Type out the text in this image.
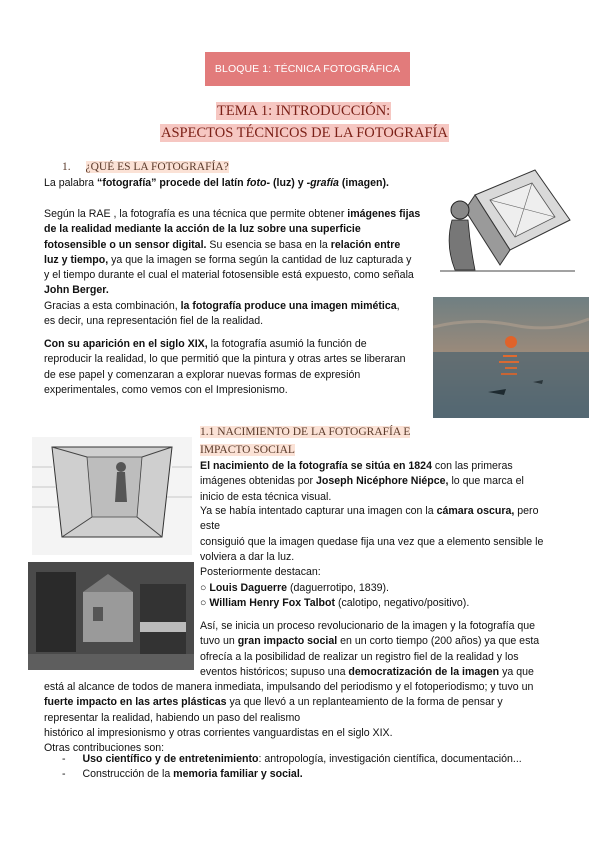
BLOQUE 1: TÉCNICA FOTOGRÁFICA
TEMA 1: INTRODUCCIÓN:
ASPECTOS TÉCNICOS DE LA FOTOGRAFÍA
1. ¿QUÉ ES LA FOTOGRAFÍA?
La palabra “fotografía” procede del latín foto- (luz) y -grafía (imagen).
Según la RAE , la fotografía es una técnica que permite obtener imágenes fijas
de la realidad mediante la acción de la luz sobre una superficie
fotosensible o un sensor digital. Su esencia se basa en la relación entre
luz y tiempo, ya que la imagen se forma según la cantidad de luz capturada y
y el tiempo durante el cual el material fotosensible está expuesto, como señala
John Berger.
Gracias a esta combinación, la fotografía produce una imagen mimética,
es decir, una representación fiel de la realidad.
Con su aparición en el siglo XIX, la fotografía asumió la función de
reproducir la realidad, lo que permitió que la pintura y otras artes se liberaran
de ese papel y comenzaran a explorar nuevas formas de expresión
experimentales, como vemos con el Impresionismo.
1.1 NACIMIENTO DE LA FOTOGRAFÍA E
IMPACTO SOCIAL
El nacimiento de la fotografía se sitúa en 1824 con las primeras
imágenes obtenidas por Joseph Nicéphore Niépce, lo que marca el
inicio de esta técnica visual.
Ya se había intentado capturar una imagen con la cámara oscura, pero
este
consiguió que la imagen quedase fija una vez que a elemento sensible le
volviera a dar la luz.
Posteriormente destacan:
○ Louis Daguerre (daguerrotipo, 1839).
○ William Henry Fox Talbot (calotipo, negativo/positivo).
Así, se inicia un proceso revolucionario de la imagen y la fotografía que
tuvo un gran impacto social en un corto tiempo (200 años) ya que esta
ofrecía a la posibilidad de realizar un registro fiel de la realidad y los
eventos históricos; supuso una democratización de la imagen ya que
está al alcance de todos de manera inmediata, impulsando del periodismo y el fotoperiodismo; y tuvo un
fuerte impacto en las artes plásticas ya que llevó a un replanteamiento de la forma de pensar y
representar la realidad, habiendo un paso del realismo
histórico al impresionismo y otras corrientes vanguardistas en el siglo XIX.
Otras contribuciones son:
- Uso científico y de entretenimiento: antropología, investigación científica, documentación...
- Construcción de la memoria familiar y social.
